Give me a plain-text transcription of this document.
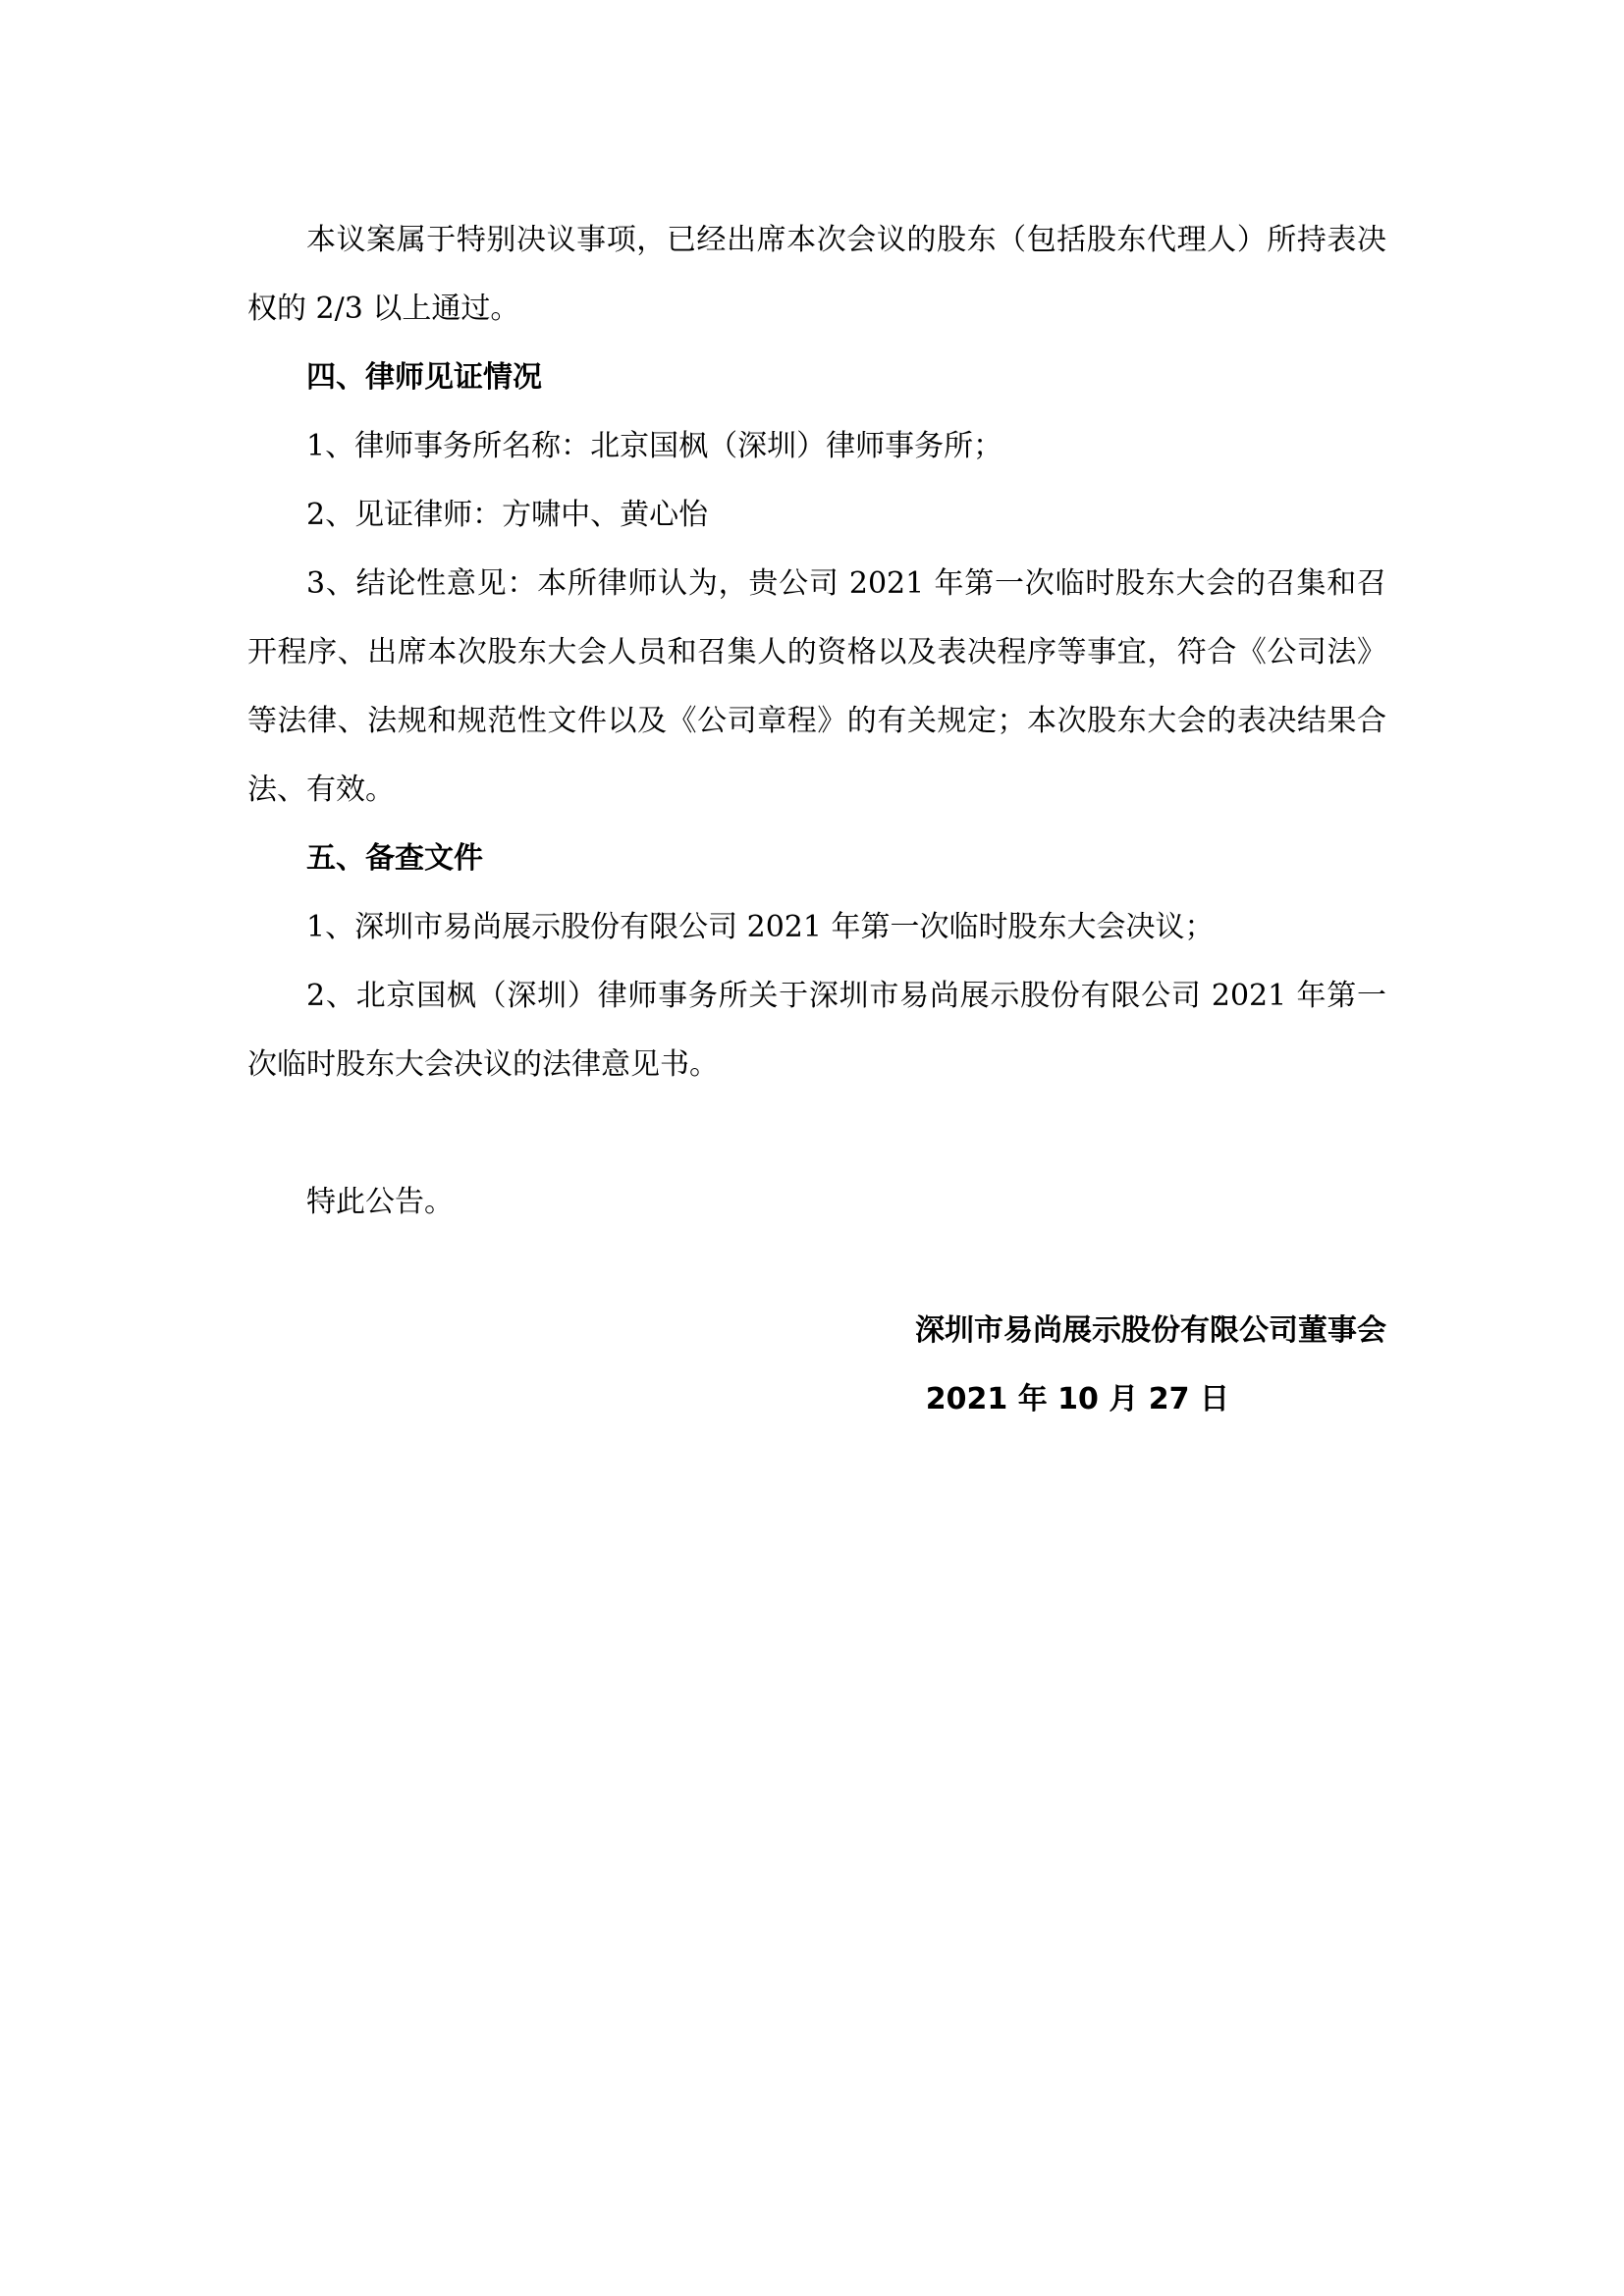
本议案属于特别决议事项，已经出席本次会议的股东（包括股东代理人）所持表决权的 2/3 以上通过。

四、律师见证情况

1、律师事务所名称：北京国枫（深圳）律师事务所；

2、见证律师：方啸中、黄心怡

3、结论性意见：本所律师认为，贵公司 2021 年第一次临时股东大会的召集和召开程序、出席本次股东大会人员和召集人的资格以及表决程序等事宜，符合《公司法》等法律、法规和规范性文件以及《公司章程》的有关规定；本次股东大会的表决结果合法、有效。

五、备查文件

1、深圳市易尚展示股份有限公司 2021 年第一次临时股东大会决议；

2、北京国枫（深圳）律师事务所关于深圳市易尚展示股份有限公司 2021 年第一次临时股东大会决议的法律意见书。

特此公告。

深圳市易尚展示股份有限公司董事会
2021 年 10 月 27 日
